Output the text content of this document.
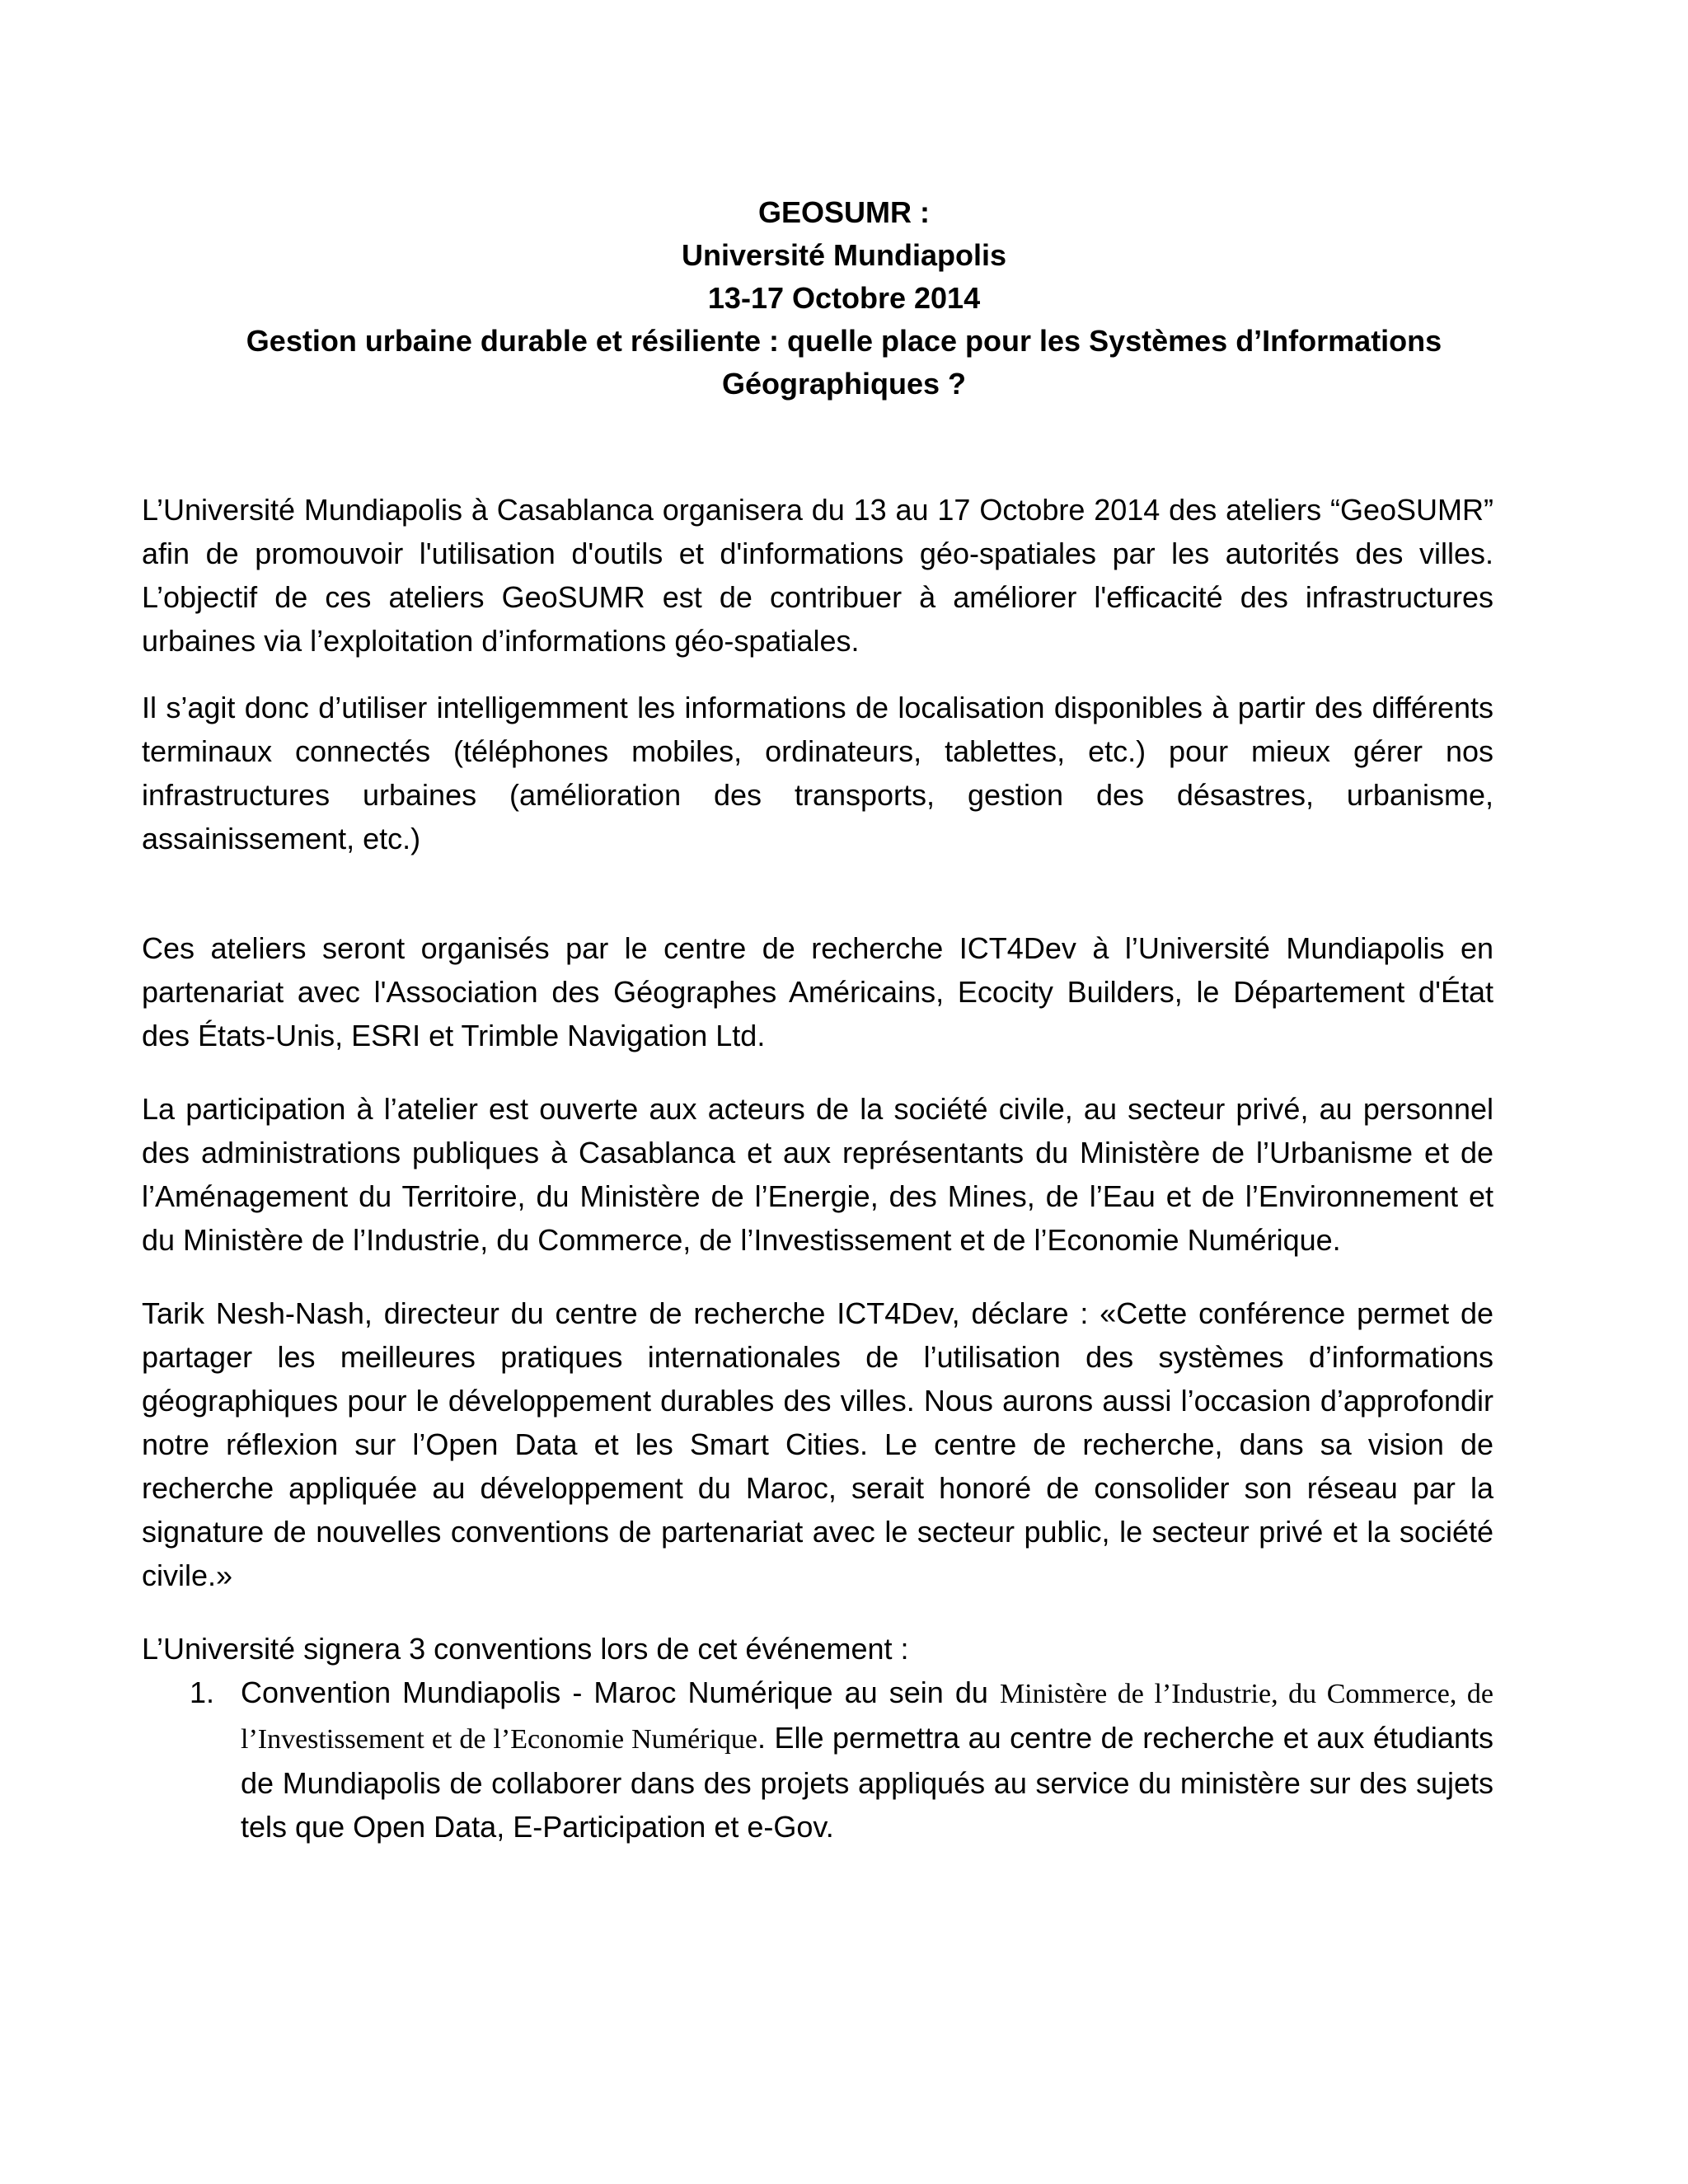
GEOSUMR :
Université Mundiapolis
13-17 Octobre 2014
Gestion urbaine durable et résiliente : quelle place pour les Systèmes d’Informations
Géographiques ?

L’Université Mundiapolis à Casablanca organisera du 13 au 17 Octobre 2014 des ateliers “GeoSUMR” afin de promouvoir l'utilisation d'outils et d'informations géo-spatiales par les autorités des villes. L’objectif de ces ateliers GeoSUMR est de contribuer à améliorer l'efficacité des infrastructures urbaines via l’exploitation d’informations géo-spatiales.

Il s’agit donc d’utiliser intelligemment les informations de localisation disponibles à partir des différents terminaux connectés (téléphones mobiles, ordinateurs, tablettes, etc.) pour mieux gérer nos infrastructures urbaines (amélioration des transports, gestion des désastres, urbanisme, assainissement, etc.)

Ces ateliers seront organisés par le centre de recherche ICT4Dev à l’Université Mundiapolis en partenariat avec l'Association des Géographes Américains, Ecocity Builders, le Département d'État des États-Unis, ESRI et Trimble Navigation Ltd.

La participation à l’atelier est ouverte aux acteurs de la société civile, au secteur privé, au personnel des administrations publiques à Casablanca et aux représentants du Ministère de l’Urbanisme et de l’Aménagement du Territoire, du Ministère de l’Energie, des Mines, de l’Eau et de l’Environnement et du Ministère de l’Industrie, du Commerce, de l’Investissement et de l’Economie Numérique.

Tarik Nesh-Nash, directeur du centre de recherche ICT4Dev, déclare : «Cette conférence permet de partager les meilleures pratiques internationales de l’utilisation des systèmes d’informations géographiques pour le développement durables des villes. Nous aurons aussi l’occasion d’approfondir notre réflexion sur l’Open Data et les Smart Cities. Le centre de recherche, dans sa vision de recherche appliquée au développement du Maroc, serait honoré de consolider son réseau par la signature de nouvelles conventions de partenariat avec le secteur public, le secteur privé et la société civile.»

L’Université signera 3 conventions lors de cet événement :

1. Convention Mundiapolis - Maroc Numérique au sein du Ministère de l’Industrie, du Commerce, de l’Investissement et de l’Economie Numérique. Elle permettra au centre de recherche et aux étudiants de Mundiapolis de collaborer dans des projets appliqués au service du ministère sur des sujets tels que Open Data, E-Participation et e-Gov.
